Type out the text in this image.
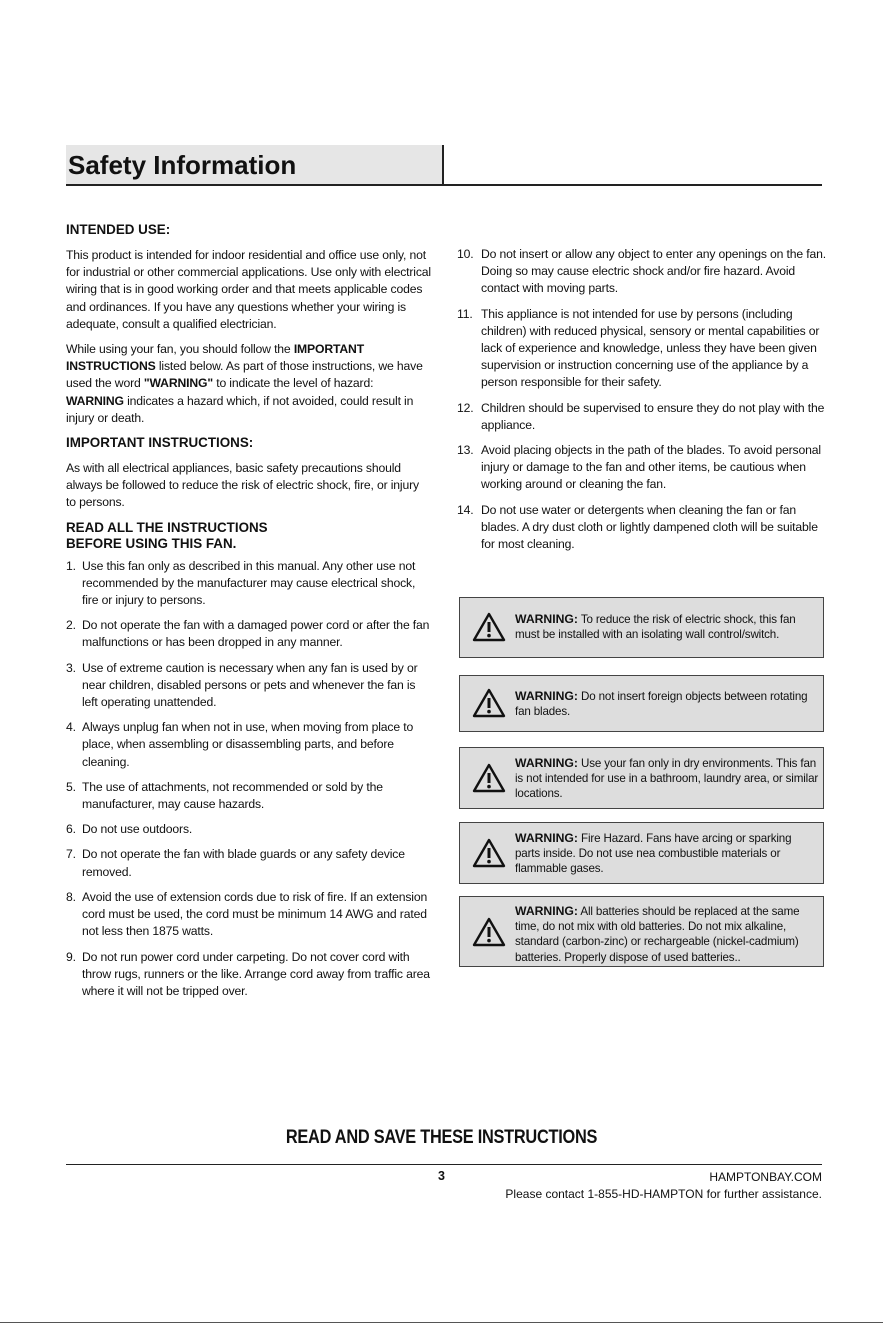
Safety Information
INTENDED USE:

This product is intended for indoor residential and office use only, not for industrial or other commercial applications. Use only with electrical wiring that is in good working order and that meets applicable codes and ordinances. If you have any questions whether your wiring is adequate, consult a qualified electrician.

While using your fan, you should follow the IMPORTANT INSTRUCTIONS listed below. As part of those instructions, we have used the word "WARNING" to indicate the level of hazard: WARNING indicates a hazard which, if not avoided, could result in injury or death.

IMPORTANT INSTRUCTIONS:

As with all electrical appliances, basic safety precautions should always be followed to reduce the risk of electric shock, fire, or injury to persons.

READ ALL THE INSTRUCTIONS
BEFORE USING THIS FAN.
1. Use this fan only as described in this manual. Any other use not recommended by the manufacturer may cause electrical shock, fire or injury to persons.
2. Do not operate the fan with a damaged power cord or after the fan malfunctions or has been dropped in any manner.
3. Use of extreme caution is necessary when any fan is used by or near children, disabled persons or pets and whenever the fan is left operating unattended.
4. Always unplug fan when not in use, when moving from place to place, when assembling or disassembling parts, and before cleaning.
5. The use of attachments, not recommended or sold by the manufacturer, may cause hazards.
6. Do not use outdoors.
7. Do not operate the fan with blade guards or any safety device removed.
8. Avoid the use of extension cords due to risk of fire. If an extension cord must be used, the cord must be minimum 14 AWG and rated not less then 1875 watts.
9. Do not run power cord under carpeting. Do not cover cord with throw rugs, runners or the like. Arrange cord away from traffic area where it will not be tripped over.
10. Do not insert or allow any object to enter any openings on the fan. Doing so may cause electric shock and/or fire hazard. Avoid contact with moving parts.
11. This appliance is not intended for use by persons (including children) with reduced physical, sensory or mental capabilities or lack of experience and knowledge, unless they have been given supervision or instruction concerning use of the appliance by a person responsible for their safety.
12. Children should be supervised to ensure they do not play with the appliance.
13. Avoid placing objects in the path of the blades. To avoid personal injury or damage to the fan and other items, be cautious when working around or cleaning the fan.
14. Do not use water or detergents when cleaning the fan or fan blades. A dry dust cloth or lightly dampened cloth will be suitable for most cleaning.
WARNING: To reduce the risk of electric shock, this fan must be installed with an isolating wall control/switch.
WARNING: Do not insert foreign objects between rotating fan blades.
WARNING: Use your fan only in dry environments. This fan is not intended for use in a bathroom, laundry area, or similar locations.
WARNING: Fire Hazard. Fans have arcing or sparking parts inside. Do not use nea combustible materials or flammable gases.
WARNING: All batteries should be replaced at the same time, do not mix with old batteries. Do not mix alkaline, standard (carbon-zinc) or rechargeable (nickel-cadmium) batteries. Properly dispose of used batteries..
READ AND SAVE THESE INSTRUCTIONS
3	HAMPTONBAY.COM
Please contact 1-855-HD-HAMPTON for further assistance.
